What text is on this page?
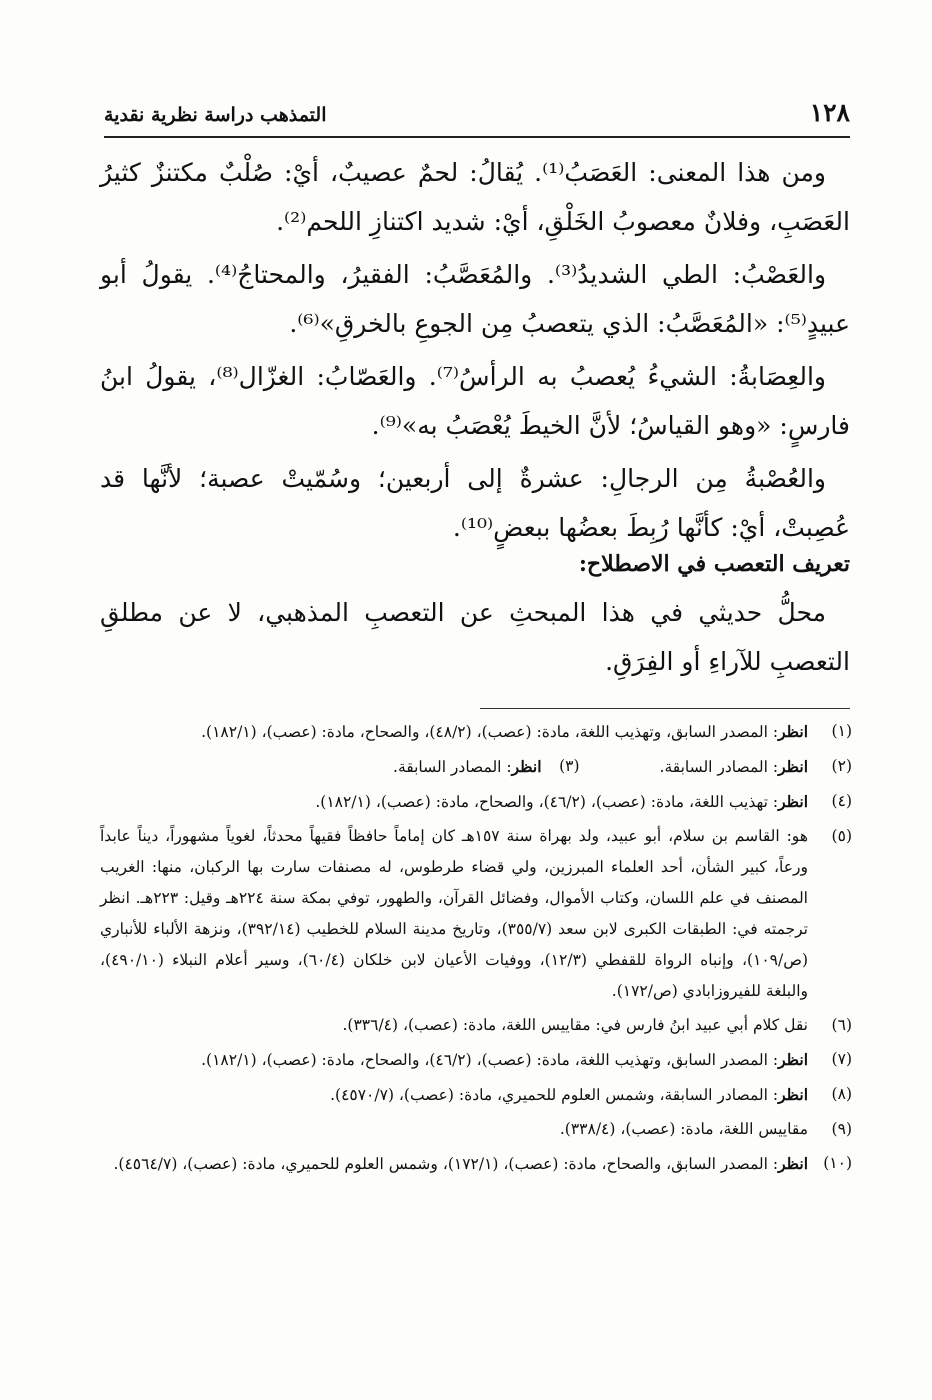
١٢٨
التمذهب دراسة نظرية نقدية

ومن هذا المعنى: العَصَبُ⁽¹⁾. يُقالُ: لحمٌ عصيبٌ، أيْ: صُلْبٌ مكتنزٌ كثيرُ العَصَبِ، وفلانٌ معصوبُ الخَلْقِ، أيْ: شديد اكتنازِ اللحم⁽²⁾.

والعَصْبُ: الطي الشديدُ⁽³⁾. والمُعَصَّبُ: الفقيرُ، والمحتاجُ⁽⁴⁾. يقولُ أبو عبيدٍ⁽⁵⁾: «المُعَصَّبُ: الذي يتعصبُ مِن الجوعِ بالخرقِ»⁽⁶⁾.

والعِصَابةُ: الشيءُ يُعصبُ به الرأسُ⁽⁷⁾. والعَصّابُ: الغزّال⁽⁸⁾، يقولُ ابنُ فارسٍ: «وهو القياسُ؛ لأنَّ الخيطَ يُعْصَبُ به»⁽⁹⁾.

والعُصْبةُ مِن الرجالِ: عشرةٌ إلى أربعين؛ وسُمّيتْ عصبة؛ لأنَّها قد عُصِبتْ، أيْ: كأنَّها رُبِطَ بعضُها ببعضٍ⁽¹⁰⁾.

تعريف التعصب في الاصطلاح:

محلُّ حديثي في هذا المبحثِ عن التعصبِ المذهبي، لا عن مطلقِ التعصبِ للآراءِ أو الفِرَقِ.

(١)
انظر: المصدر السابق، وتهذيب اللغة، مادة: (عصب)، (٤٨/٢)، والصحاح، مادة: (عصب)، (١٨٢/١).
(٢)
انظر: المصادر السابقة.
(٣)
انظر: المصادر السابقة.
(٤)
انظر: تهذيب اللغة، مادة: (عصب)، (٤٦/٢)، والصحاح، مادة: (عصب)، (١٨٢/١).
(٥)
هو: القاسم بن سلام، أبو عبيد، ولد بهراة سنة ١٥٧هـ كان إماماً حافظاً فقيهاً محدثاً، لغوياً مشهوراً، ديناً عابداً ورعاً، كبير الشأن، أحد العلماء المبرزين، ولي قضاء طرطوس، له مصنفات سارت بها الركبان، منها: الغريب المصنف في علم اللسان، وكتاب الأموال، وفضائل القرآن، والطهور، توفي بمكة سنة ٢٢٤هـ وقيل: ٢٢٣هـ. انظر ترجمته في: الطبقات الكبرى لابن سعد (٣٥٥/٧)، وتاريخ مدينة السلام للخطيب (٣٩٢/١٤)، ونزهة الألباء للأنباري (ص/١٠٩)، وإنباه الرواة للقفطي (١٢/٣)، ووفيات الأعيان لابن خلكان (٦٠/٤)، وسير أعلام النبلاء (٤٩٠/١٠)، والبلغة للفيروزابادي (ص/١٧٢).
(٦)
نقل كلام أبي عبيد ابنُ فارس في: مقاييس اللغة، مادة: (عصب)، (٣٣٦/٤).
(٧)
انظر: المصدر السابق، وتهذيب اللغة، مادة: (عصب)، (٤٦/٢)، والصحاح، مادة: (عصب)، (١٨٢/١).
(٨)
انظر: المصادر السابقة، وشمس العلوم للحميري، مادة: (عصب)، (٤٥٧٠/٧).
(٩)
مقاييس اللغة، مادة: (عصب)، (٣٣٨/٤).
(١٠)
انظر: المصدر السابق، والصحاح، مادة: (عصب)، (١٧٢/١)، وشمس العلوم للحميري، مادة: (عصب)، (٤٥٦٤/٧).
